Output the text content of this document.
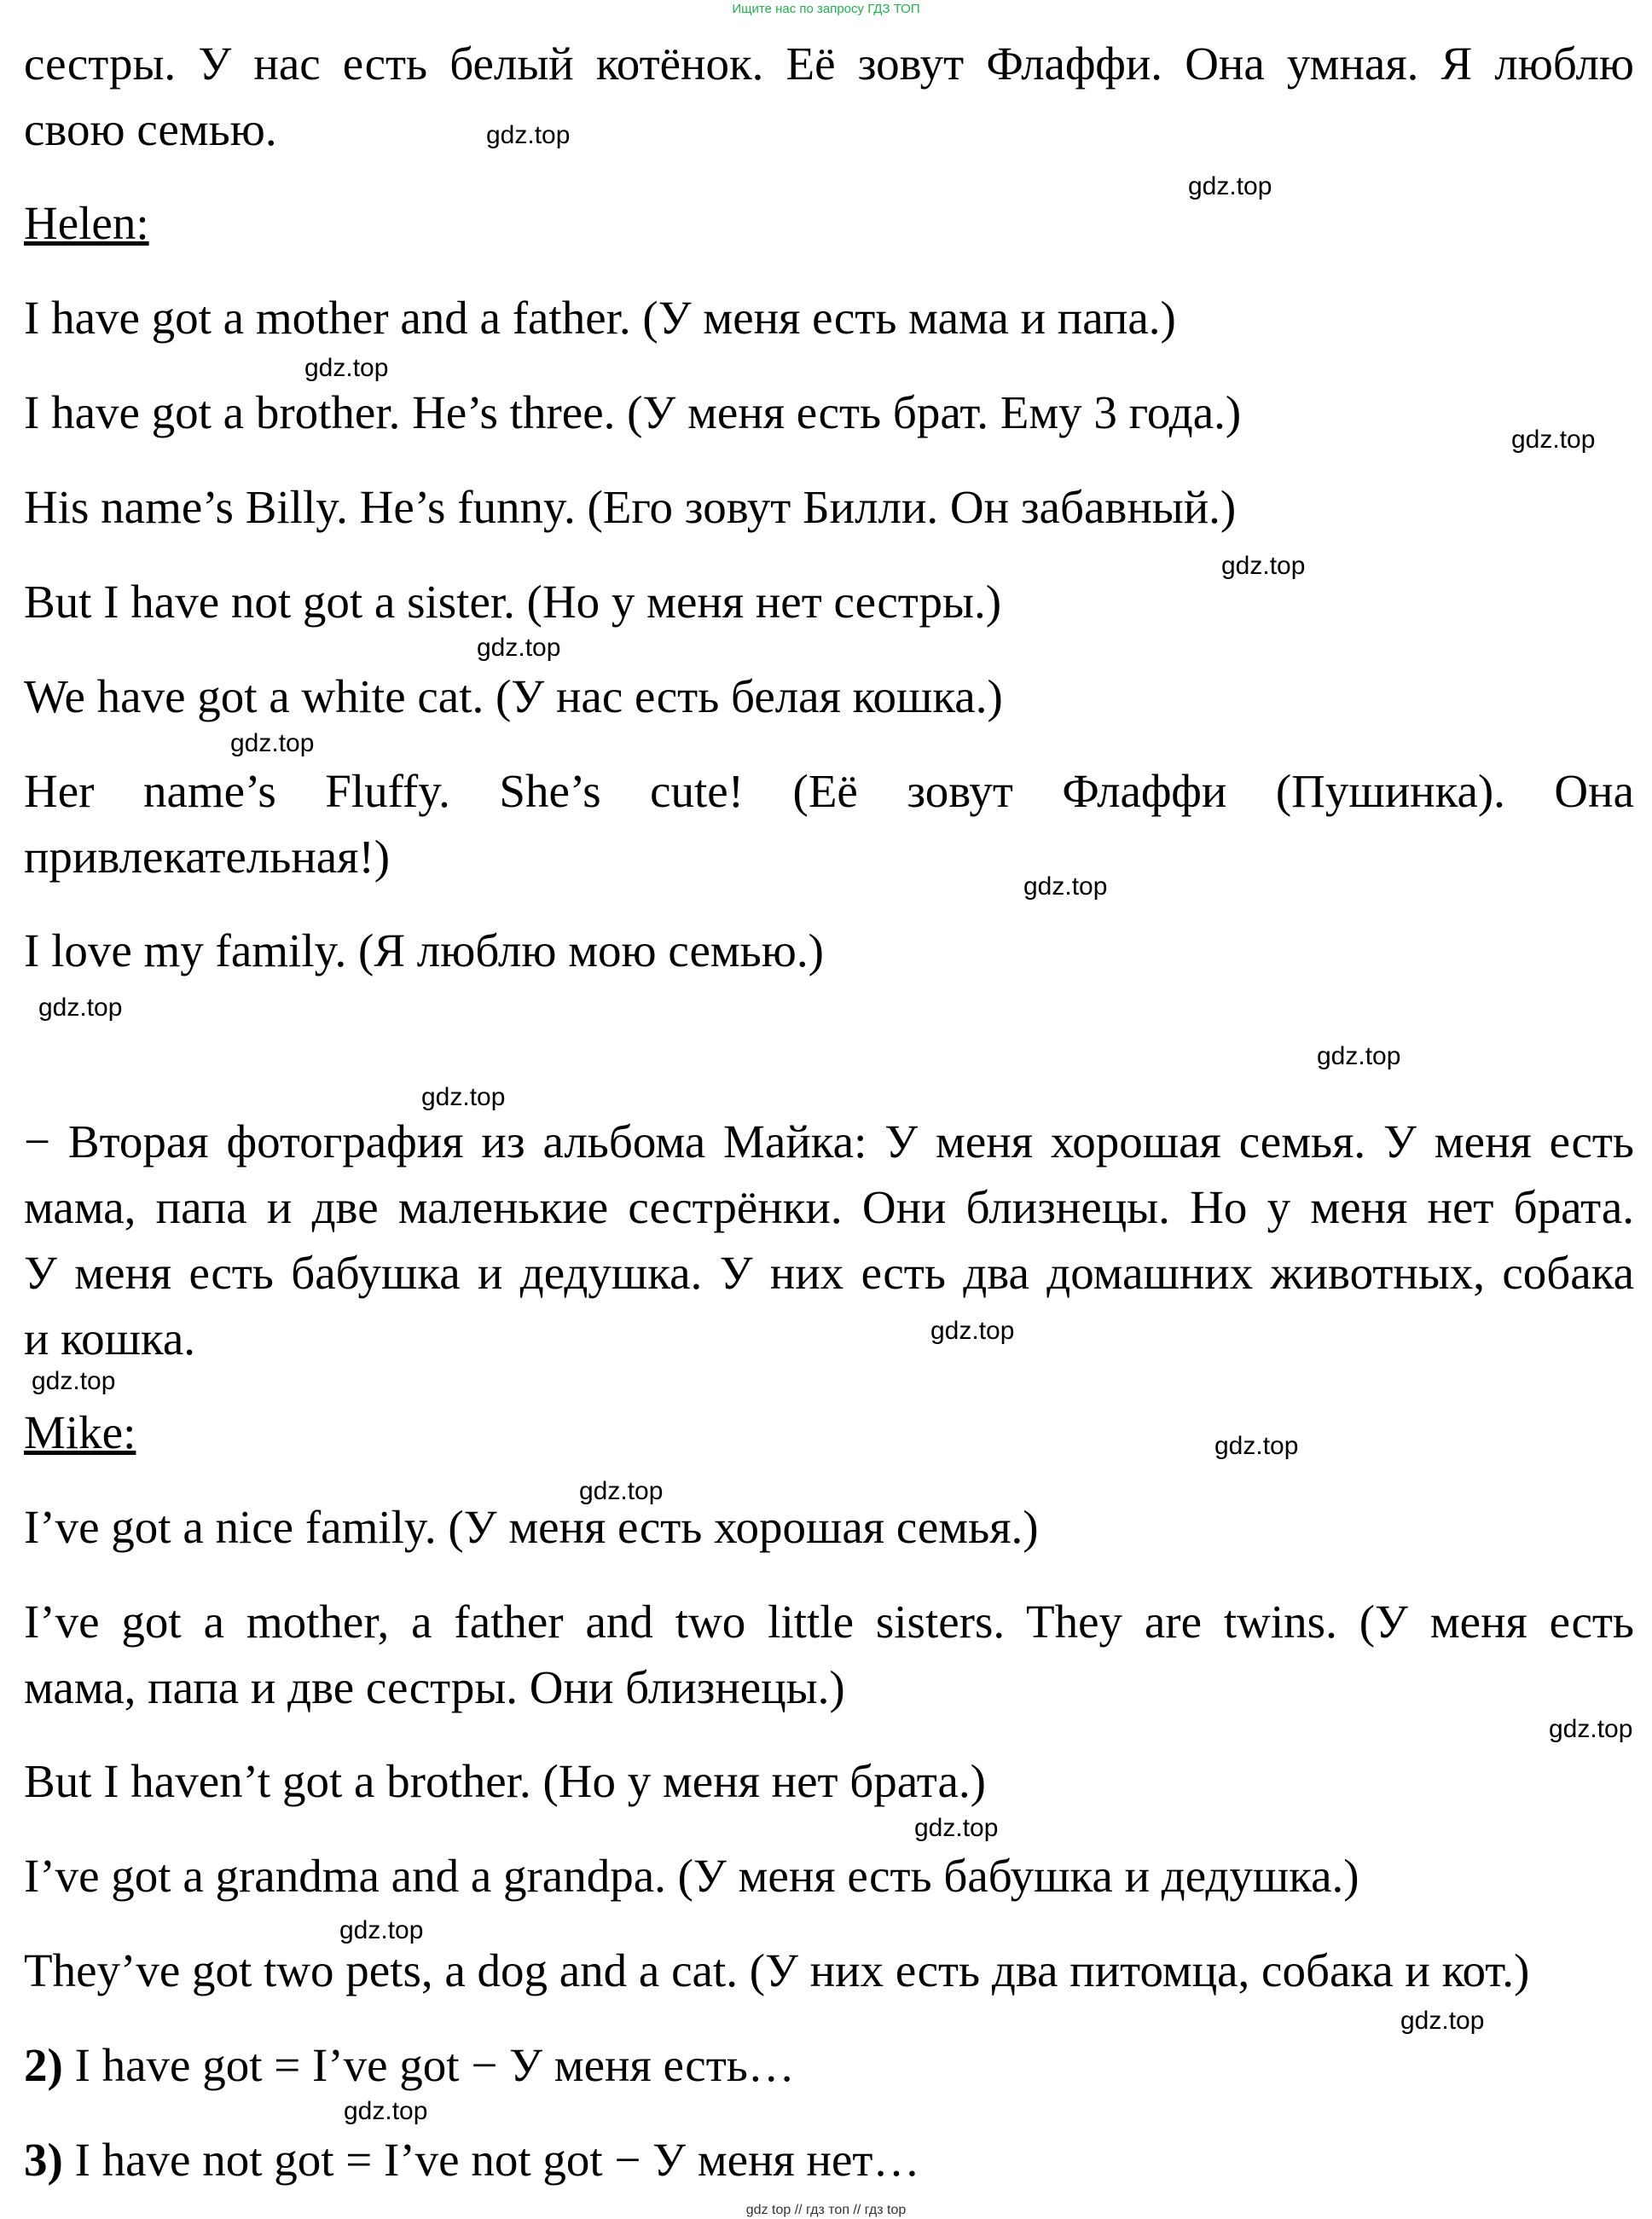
Ищите нас по запросу ГДЗ ТОП
сестры. У нас есть белый котёнок. Её зовут Флаффи. Она умная. Я люблю
свою семью.
Helen:
I have got a mother and a father. (У меня есть мама и папа.)
I have got a brother. He’s three. (У меня есть брат. Ему 3 года.)
His name’s Billy. He’s funny. (Его зовут Билли. Он забавный.)
But I have not got a sister. (Но у меня нет сестры.)
We have got a white cat. (У нас есть белая кошка.)
Her name’s Fluffy. She’s cute! (Её зовут Флаффи (Пушинка). Она
привлекательная!)
I love my family. (Я люблю мою семью.)
− Вторая фотография из альбома Майка: У меня хорошая семья. У меня есть
мама, папа и две маленькие сестрёнки. Они близнецы. Но у меня нет брата.
У меня есть бабушка и дедушка. У них есть два домашних животных, собака
и кошка.
Mike:
I’ve got a nice family. (У меня есть хорошая семья.)
I’ve got a mother, a father and two little sisters. They are twins. (У меня есть
мама, папа и две сестры. Они близнецы.)
But I haven’t got a brother. (Но у меня нет брата.)
I’ve got a grandma and a grandpa. (У меня есть бабушка и дедушка.)
They’ve got two pets, a dog and a cat. (У них есть два питомца, собака и кот.)
2) I have got = I’ve got − У меня есть…
3) I have not got = I’ve not got − У меня нет…
gdz.top
gdz.top
gdz.top
gdz.top
gdz.top
gdz.top
gdz.top
gdz.top
gdz.top
gdz.top
gdz.top
gdz.top
gdz.top
gdz.top
gdz.top
gdz.top
gdz.top
gdz.top
gdz.top
gdz.top
gdz top // гдз топ // гдз top
